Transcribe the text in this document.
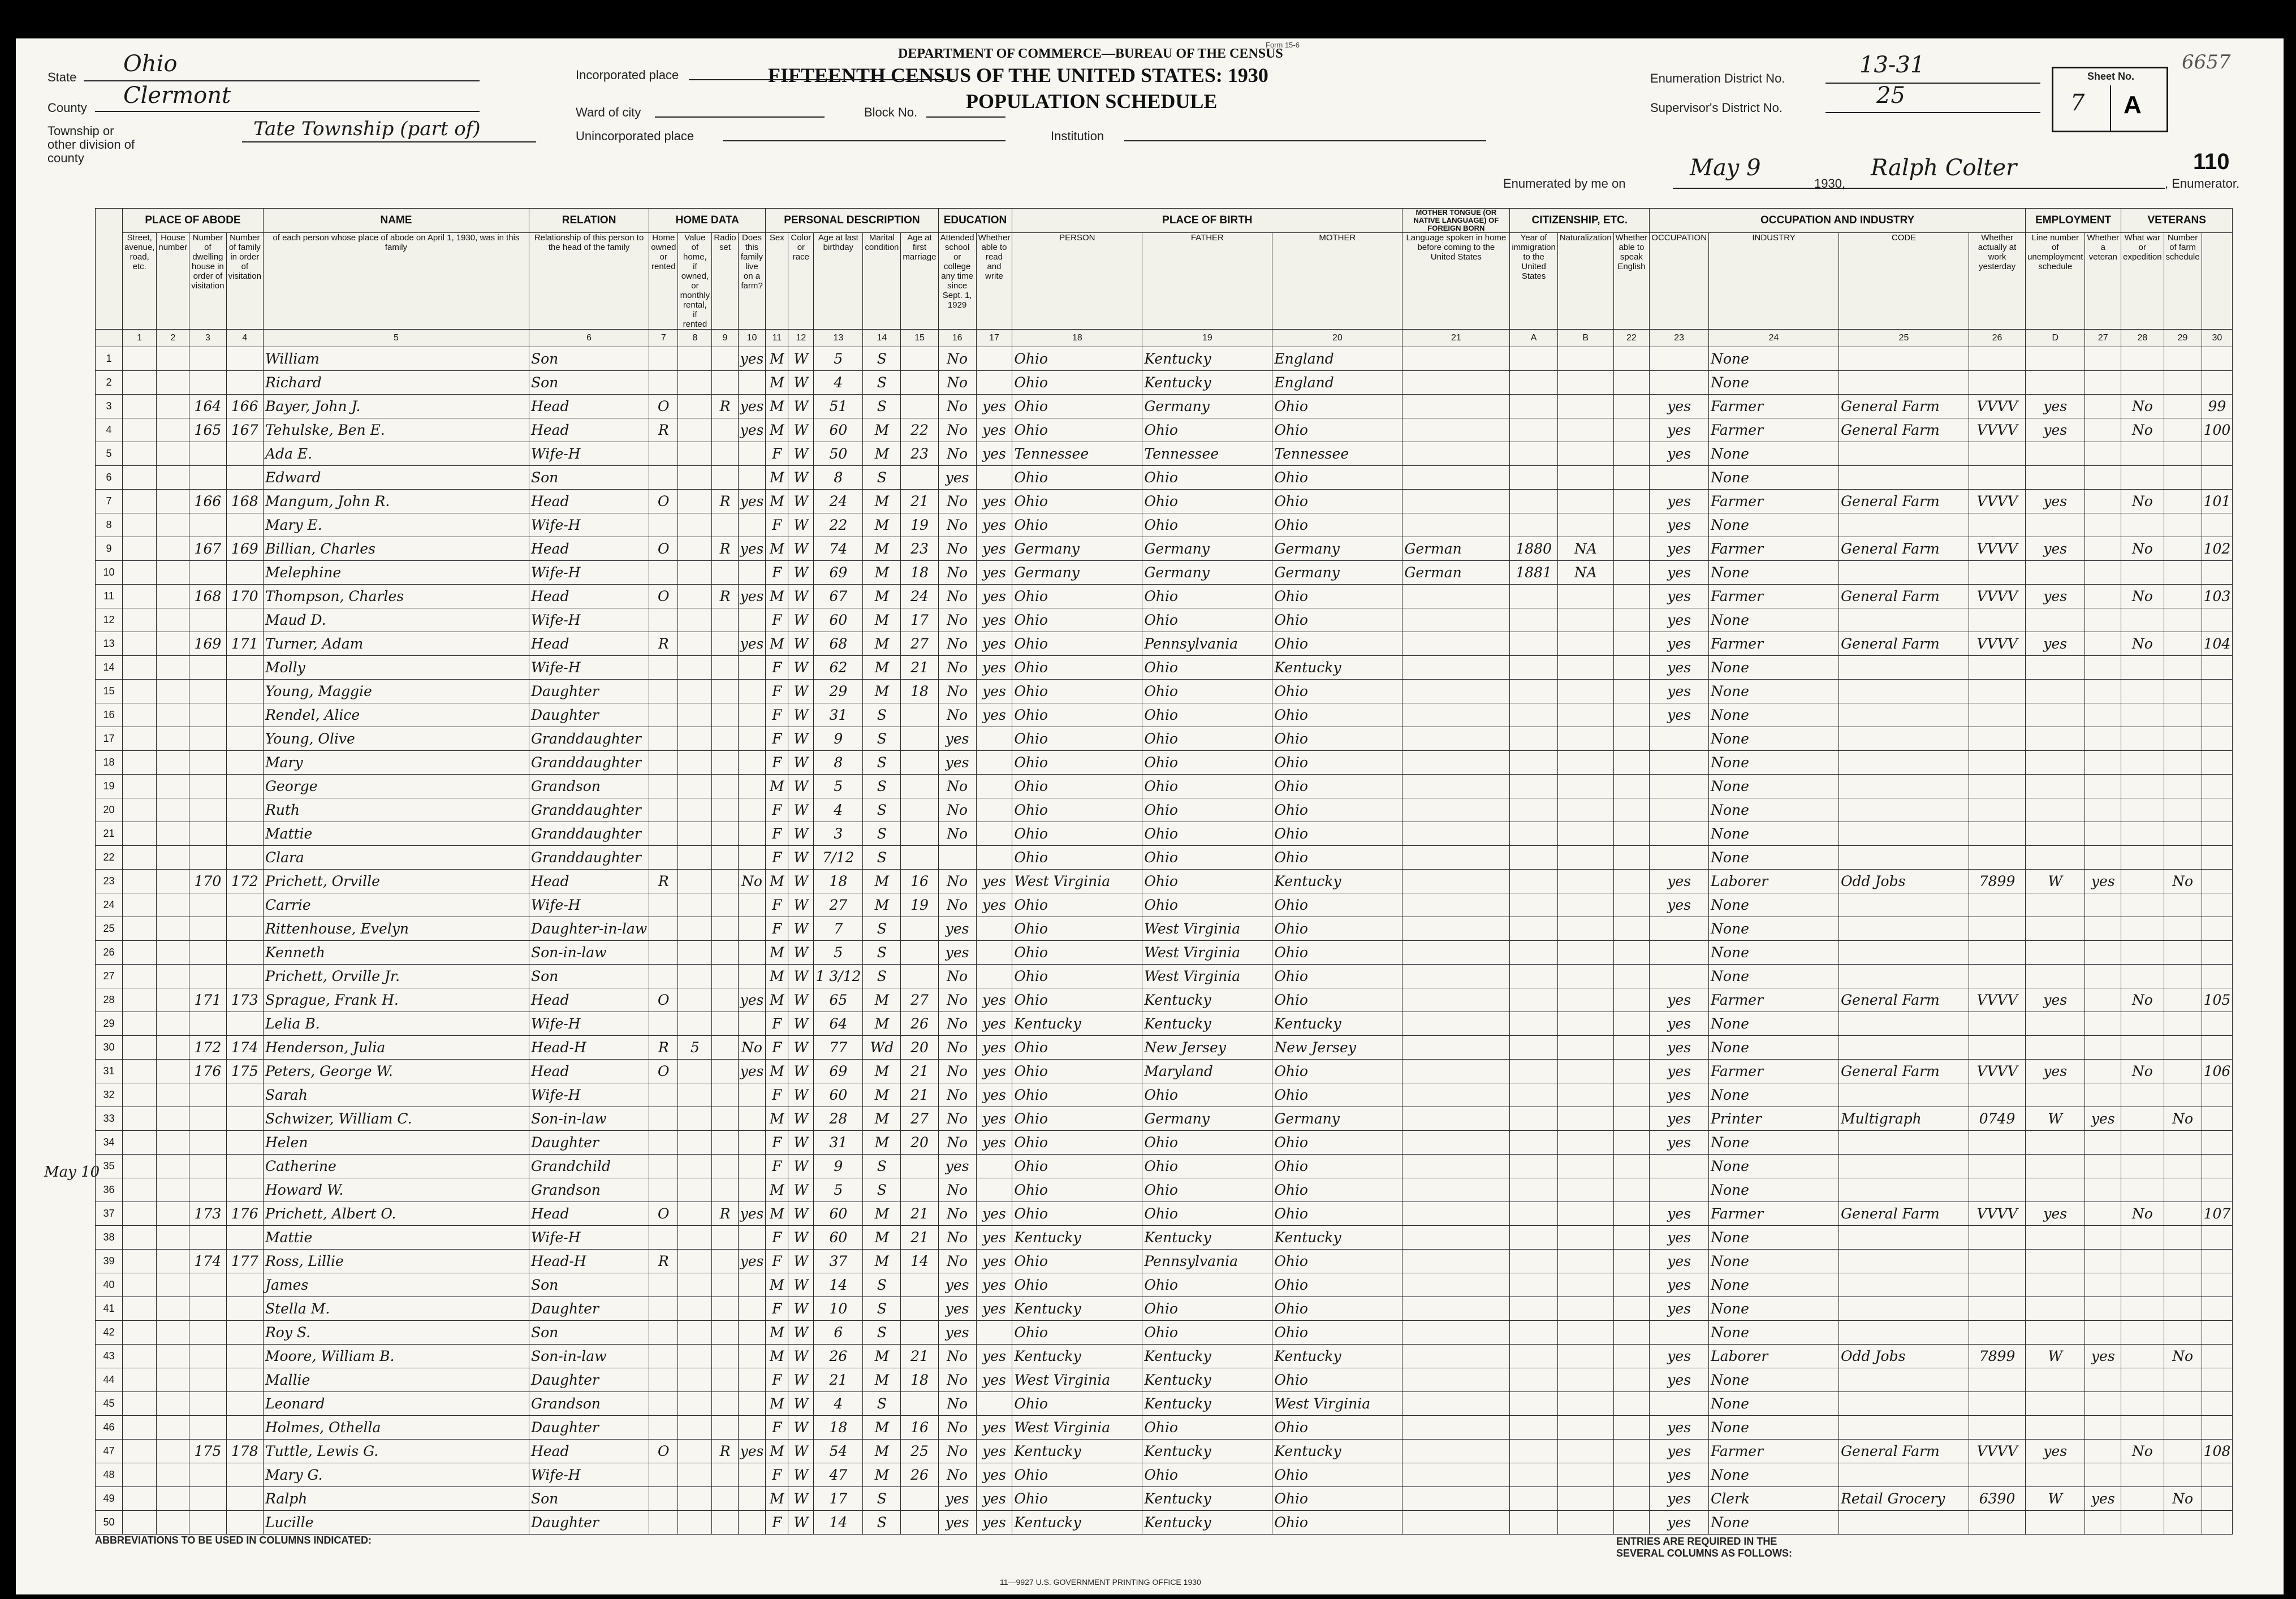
Form 15-6
DEPARTMENT OF COMMERCE—BUREAU OF THE CENSUS
FIFTEENTH CENSUS OF THE UNITED STATES: 1930
POPULATION SCHEDULE
State
Ohio
County Clermont
Township or other division of county
Tate Township (part of)
Incorporated place
Ward of city	Block No.
Unincorporated place	Institution
Enumeration District No.
13-31
Supervisor's District No.	25
Sheet No.
7 A
6657
110
Enumerated by me on
May 9
1930,
Ralph Colter
, Enumerator.
May 10
	PLACE OF ABODE				NAME	RELATION	HOME DATA				PERSONAL DESCRIPTION					EDUCATION		PLACE OF BIRTH			MOTHER TONGUE (OR NATIVE LANGUAGE) OF FOREIGN BORN	CITIZENSHIP, ETC.			OCCUPATION AND INDUSTRY				EMPLOYMENT		VETERANS		
	Street, avenue, road, etc.	House number	Number of dwelling house in order of visitation	Number of family in order of visitation	of each person whose place of abode on April 1, 1930, was in this family	Relationship of this person to the head of the family	Home owned or rented	Value of home, if owned, or monthly rental, if rented	Radio set	Does this family live on a farm?	Sex	Color or race	Age at last birthday	Marital condition	Age at first marriage	Attended school or college any time since Sept. 1, 1929	Whether able to read and write	PERSON	FATHER	MOTHER	Language spoken in home before coming to the United States	Year of immigration to the United States	Naturalization	Whether able to speak English	OCCUPATION	INDUSTRY	CODE	Whether actually at work yesterday	Line number of unemployment schedule	Whether a veteran	What war or expedition	Number of farm schedule	
	1	2	3	4	5	6	7	8	9	10	11	12	13	14	15	16	17	18	19	20	21	A	B	22	23	24	25	26	D	27	28	29	30
1					William	Son				yes	M	W	5	S		No		Ohio	Kentucky	England						None							
2					Richard	Son					M	W	4	S		No		Ohio	Kentucky	England						None							
3			164	166	Bayer, John J.	Head	O		R	yes	M	W	51	S		No	yes	Ohio	Germany	Ohio					yes	Farmer	General Farm	VVVV	yes		No		99
4			165	167	Tehulske, Ben E.	Head	R			yes	M	W	60	M	22	No	yes	Ohio	Ohio	Ohio					yes	Farmer	General Farm	VVVV	yes		No		100
5					Ada E.	Wife-H					F	W	50	M	23	No	yes	Tennessee	Tennessee	Tennessee					yes	None							
6					Edward	Son					M	W	8	S		yes		Ohio	Ohio	Ohio						None							
7			166	168	Mangum, John R.	Head	O		R	yes	M	W	24	M	21	No	yes	Ohio	Ohio	Ohio					yes	Farmer	General Farm	VVVV	yes		No		101
8					Mary E.	Wife-H					F	W	22	M	19	No	yes	Ohio	Ohio	Ohio					yes	None							
9			167	169	Billian, Charles	Head	O		R	yes	M	W	74	M	23	No	yes	Germany	Germany	Germany	German	1880	NA		yes	Farmer	General Farm	VVVV	yes		No		102
10					Melephine	Wife-H					F	W	69	M	18	No	yes	Germany	Germany	Germany	German	1881	NA		yes	None							
11			168	170	Thompson, Charles	Head	O		R	yes	M	W	67	M	24	No	yes	Ohio	Ohio	Ohio					yes	Farmer	General Farm	VVVV	yes		No		103
12					Maud D.	Wife-H					F	W	60	M	17	No	yes	Ohio	Ohio	Ohio					yes	None							
13			169	171	Turner, Adam	Head	R			yes	M	W	68	M	27	No	yes	Ohio	Pennsylvania	Ohio					yes	Farmer	General Farm	VVVV	yes		No		104
14					Molly	Wife-H					F	W	62	M	21	No	yes	Ohio	Ohio	Kentucky					yes	None							
15					Young, Maggie	Daughter					F	W	29	M	18	No	yes	Ohio	Ohio	Ohio					yes	None							
16					Rendel, Alice	Daughter					F	W	31	S		No	yes	Ohio	Ohio	Ohio					yes	None							
17					Young, Olive	Granddaughter					F	W	9	S		yes		Ohio	Ohio	Ohio						None							
18					Mary	Granddaughter					F	W	8	S		yes		Ohio	Ohio	Ohio						None							
19					George	Grandson					M	W	5	S		No		Ohio	Ohio	Ohio						None							
20					Ruth	Granddaughter					F	W	4	S		No		Ohio	Ohio	Ohio						None							
21					Mattie	Granddaughter					F	W	3	S		No		Ohio	Ohio	Ohio						None							
22					Clara	Granddaughter					F	W	7/12	S				Ohio	Ohio	Ohio						None							
23			170	172	Prichett, Orville	Head	R			No	M	W	18	M	16	No	yes	West Virginia	Ohio	Kentucky					yes	Laborer	Odd Jobs	7899	W	yes		No	
24					Carrie	Wife-H					F	W	27	M	19	No	yes	Ohio	Ohio	Ohio					yes	None							
25					Rittenhouse, Evelyn	Daughter-in-law					F	W	7	S		yes		Ohio	West Virginia	Ohio						None							
26					Kenneth	Son-in-law					M	W	5	S		yes		Ohio	West Virginia	Ohio						None							
27					Prichett, Orville Jr.	Son					M	W	1 3/12	S		No		Ohio	West Virginia	Ohio						None							
28			171	173	Sprague, Frank H.	Head	O			yes	M	W	65	M	27	No	yes	Ohio	Kentucky	Ohio					yes	Farmer	General Farm	VVVV	yes		No		105
29					Lelia B.	Wife-H					F	W	64	M	26	No	yes	Kentucky	Kentucky	Kentucky					yes	None							
30			172	174	Henderson, Julia	Head-H	R	5		No	F	W	77	Wd	20	No	yes	Ohio	New Jersey	New Jersey					yes	None							
31			176	175	Peters, George W.	Head	O			yes	M	W	69	M	21	No	yes	Ohio	Maryland	Ohio					yes	Farmer	General Farm	VVVV	yes		No		106
32					Sarah	Wife-H					F	W	60	M	21	No	yes	Ohio	Ohio	Ohio					yes	None							
33					Schwizer, William C.	Son-in-law					M	W	28	M	27	No	yes	Ohio	Germany	Germany					yes	Printer	Multigraph	0749	W	yes		No	
34					Helen	Daughter					F	W	31	M	20	No	yes	Ohio	Ohio	Ohio					yes	None							
35					Catherine	Grandchild					F	W	9	S		yes		Ohio	Ohio	Ohio						None							
36					Howard W.	Grandson					M	W	5	S		No		Ohio	Ohio	Ohio						None							
37			173	176	Prichett, Albert O.	Head	O		R	yes	M	W	60	M	21	No	yes	Ohio	Ohio	Ohio					yes	Farmer	General Farm	VVVV	yes		No		107
38					Mattie	Wife-H					F	W	60	M	21	No	yes	Kentucky	Kentucky	Kentucky					yes	None							
39			174	177	Ross, Lillie	Head-H	R			yes	F	W	37	M	14	No	yes	Ohio	Pennsylvania	Ohio					yes	None							
40					James	Son					M	W	14	S		yes	yes	Ohio	Ohio	Ohio					yes	None							
41					Stella M.	Daughter					F	W	10	S		yes	yes	Kentucky	Ohio	Ohio					yes	None							
42					Roy S.	Son					M	W	6	S		yes		Ohio	Ohio	Ohio						None							
43					Moore, William B.	Son-in-law					M	W	26	M	21	No	yes	Kentucky	Kentucky	Kentucky					yes	Laborer	Odd Jobs	7899	W	yes		No	
44					Mallie	Daughter					F	W	21	M	18	No	yes	West Virginia	Kentucky	Ohio					yes	None							
45					Leonard	Grandson					M	W	4	S		No		Ohio	Kentucky	West Virginia						None							
46					Holmes, Othella	Daughter					F	W	18	M	16	No	yes	West Virginia	Ohio	Ohio					yes	None							
47			175	178	Tuttle, Lewis G.	Head	O		R	yes	M	W	54	M	25	No	yes	Kentucky	Kentucky	Kentucky					yes	Farmer	General Farm	VVVV	yes		No		108
48					Mary G.	Wife-H					F	W	47	M	26	No	yes	Ohio	Ohio	Ohio					yes	None							
49					Ralph	Son					M	W	17	S		yes	yes	Ohio	Kentucky	Ohio					yes	Clerk	Retail Grocery	6390	W	yes		No	
50					Lucille	Daughter					F	W	14	S		yes	yes	Kentucky	Kentucky	Ohio					yes	None							
ABBREVIATIONS TO BE USED IN COLUMNS INDICATED:	ENTRIES ARE REQUIRED IN THE SEVERAL COLUMNS AS FOLLOWS:
11—9927 U.S. GOVERNMENT PRINTING OFFICE 1930
